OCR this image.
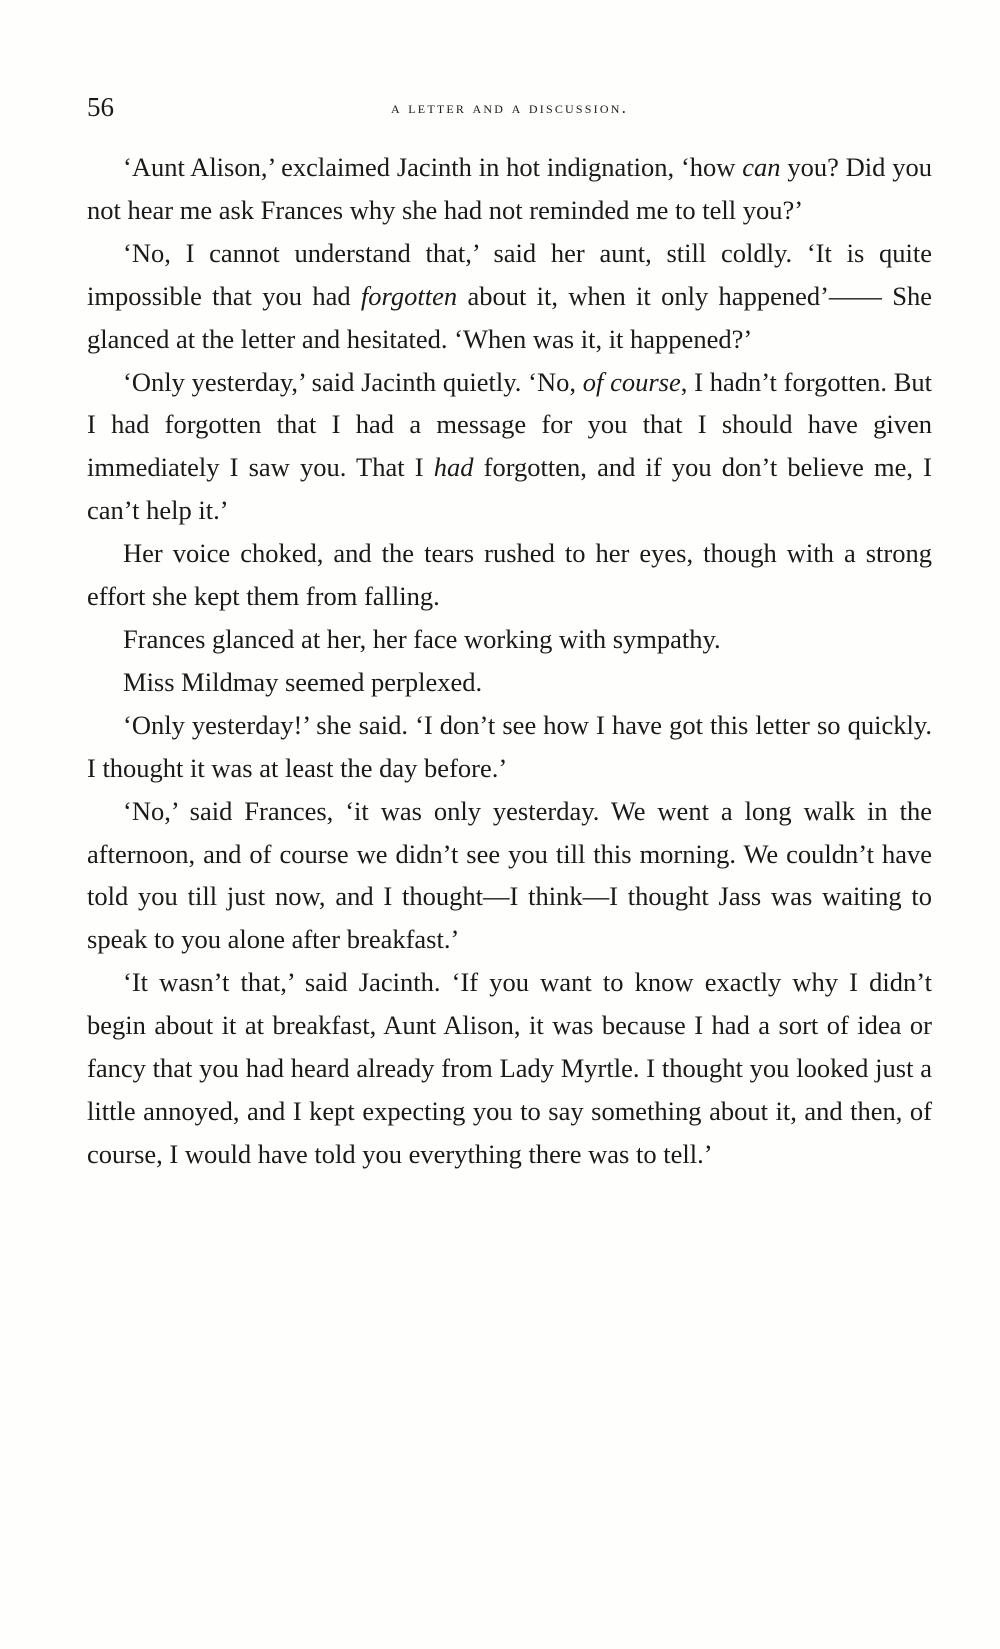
56	a letter and a discussion.

‘Aunt Alison,’ exclaimed Jacinth in hot indignation, ‘how can you? Did you not hear me ask Frances why she had not reminded me to tell you?’

‘No, I cannot understand that,’ said her aunt, still coldly. ‘It is quite impossible that you had forgotten about it, when it only happened’—— She glanced at the letter and hesitated. ‘When was it, it happened?’

‘Only yesterday,’ said Jacinth quietly. ‘No, of course, I hadn’t forgotten. But I had forgotten that I had a message for you that I should have given immediately I saw you. That I had forgotten, and if you don’t believe me, I can’t help it.’

Her voice choked, and the tears rushed to her eyes, though with a strong effort she kept them from falling.

Frances glanced at her, her face working with sympathy.

Miss Mildmay seemed perplexed.

‘Only yesterday!’ she said. ‘I don’t see how I have got this letter so quickly. I thought it was at least the day before.’

‘No,’ said Frances, ‘it was only yesterday. We went a long walk in the afternoon, and of course we didn’t see you till this morning. We couldn’t have told you till just now, and I thought—I think—I thought Jass was waiting to speak to you alone after breakfast.’

‘It wasn’t that,’ said Jacinth. ‘If you want to know exactly why I didn’t begin about it at breakfast, Aunt Alison, it was because I had a sort of idea or fancy that you had heard already from Lady Myrtle. I thought you looked just a little annoyed, and I kept expecting you to say something about it, and then, of course, I would have told you everything there was to tell.’
